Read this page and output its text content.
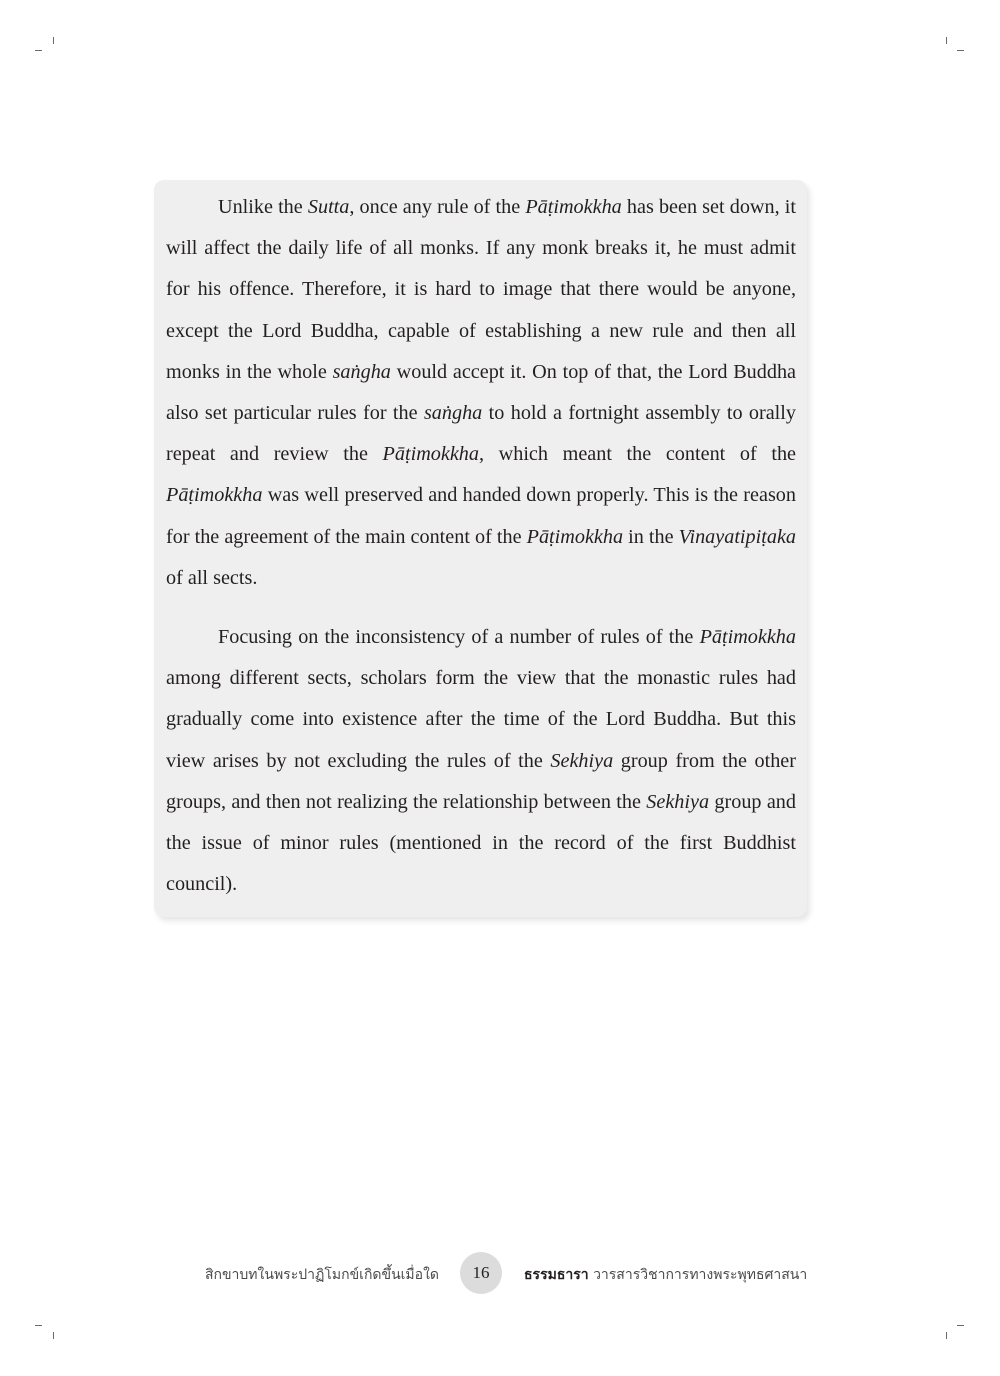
Unlike the Sutta, once any rule of the Pāṭimokkha has been set down, it will affect the daily life of all monks. If any monk breaks it, he must admit for his offence. Therefore, it is hard to image that there would be anyone, except the Lord Buddha, capable of establishing a new rule and then all monks in the whole saṅgha would accept it. On top of that, the Lord Buddha also set particular rules for the saṅgha to hold a fortnight assembly to orally repeat and review the Pāṭimokkha, which meant the content of the Pāṭimokkha was well preserved and handed down properly. This is the reason for the agreement of the main content of the Pāṭimokkha in the Vinayatipiṭaka of all sects.

Focusing on the inconsistency of a number of rules of the Pāṭimokkha among different sects, scholars form the view that the monastic rules had gradually come into existence after the time of the Lord Buddha. But this view arises by not excluding the rules of the Sekhiya group from the other groups, and then not realizing the relationship between the Sekhiya group and the issue of minor rules (mentioned in the record of the first Buddhist council).

สิกขาบทในพระปาฏิโมกข์เกิดขึ้นเมื่อใด	16	ธรรมธารา วารสารวิชาการทางพระพุทธศาสนา
